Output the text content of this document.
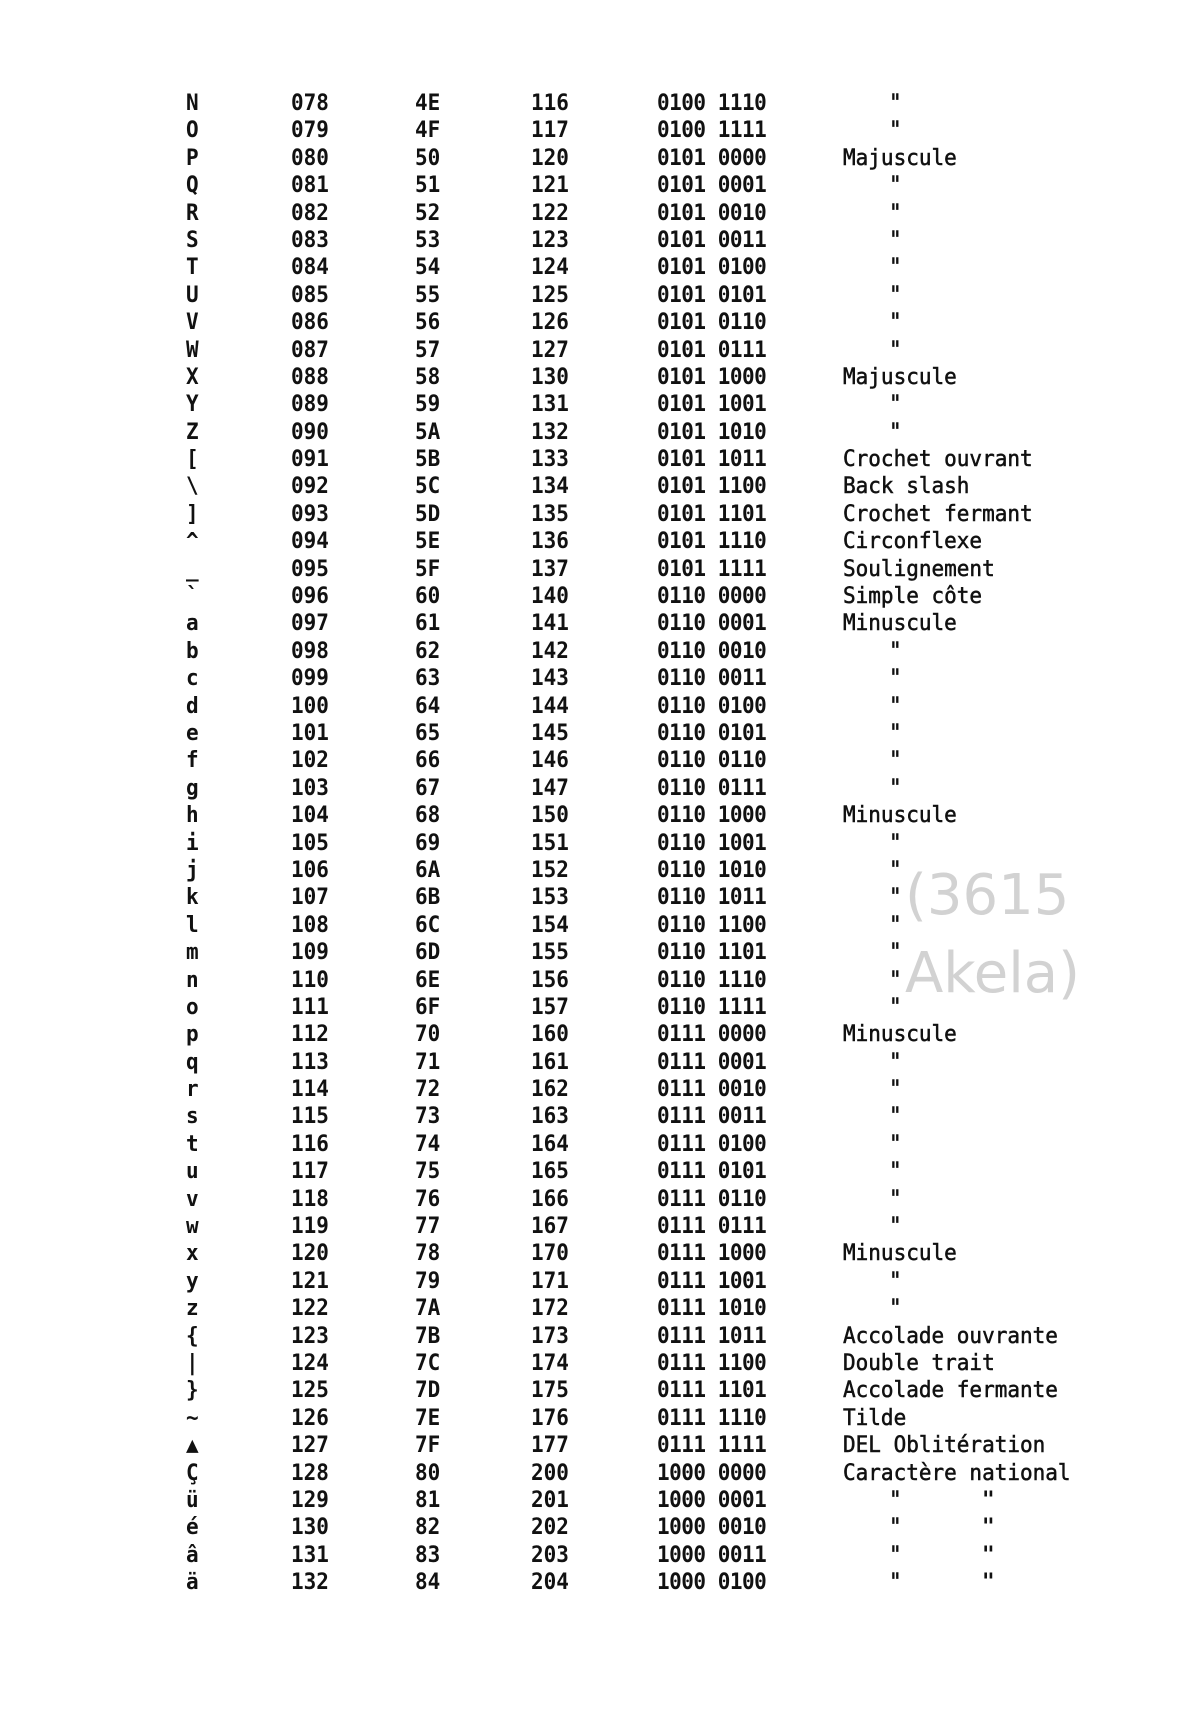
N	078	4E	116	0100 1110	"
O	079	4F	117	0100 1111	"
P	080	50	120	0101 0000	Majuscule
Q	081	51	121	0101 0001	"
R	082	52	122	0101 0010	"
S	083	53	123	0101 0011	"
T	084	54	124	0101 0100	"
U	085	55	125	0101 0101	"
V	086	56	126	0101 0110	"
W	087	57	127	0101 0111	"
X	088	58	130	0101 1000	Majuscule
Y	089	59	131	0101 1001	"
Z	090	5A	132	0101 1010	"
[	091	5B	133	0101 1011	Crochet ouvrant
\	092	5C	134	0101 1100	Back slash
]	093	5D	135	0101 1101	Crochet fermant
^	094	5E	136	0101 1110	Circonflexe
_	095	5F	137	0101 1111	Soulignement
`	096	60	140	0110 0000	Simple côte
a	097	61	141	0110 0001	Minuscule
b	098	62	142	0110 0010	"
c	099	63	143	0110 0011	"
d	100	64	144	0110 0100	"
e	101	65	145	0110 0101	"
f	102	66	146	0110 0110	"
g	103	67	147	0110 0111	"
h	104	68	150	0110 1000	Minuscule
i	105	69	151	0110 1001	"
j	106	6A	152	0110 1010	"
k	107	6B	153	0110 1011	"
l	108	6C	154	0110 1100	"
m	109	6D	155	0110 1101	"
n	110	6E	156	0110 1110	"
o	111	6F	157	0110 1111	"
p	112	70	160	0111 0000	Minuscule
q	113	71	161	0111 0001	"
r	114	72	162	0111 0010	"
s	115	73	163	0111 0011	"
t	116	74	164	0111 0100	"
u	117	75	165	0111 0101	"
v	118	76	166	0111 0110	"
w	119	77	167	0111 0111	"
x	120	78	170	0111 1000	Minuscule
y	121	79	171	0111 1001	"
z	122	7A	172	0111 1010	"
{	123	7B	173	0111 1011	Accolade ouvrante
|	124	7C	174	0111 1100	Double trait
}	125	7D	175	0111 1101	Accolade fermante
~	126	7E	176	0111 1110	Tilde
▲	127	7F	177	0111 1111	DEL Oblitération
Ç	128	80	200	1000 0000	Caractère national
ü	129	81	201	1000 0001	"	"
é	130	82	202	1000 0010	"	"
â	131	83	203	1000 0011	"	"
ä	132	84	204	1000 0100	"	"
(3615
Akela)
